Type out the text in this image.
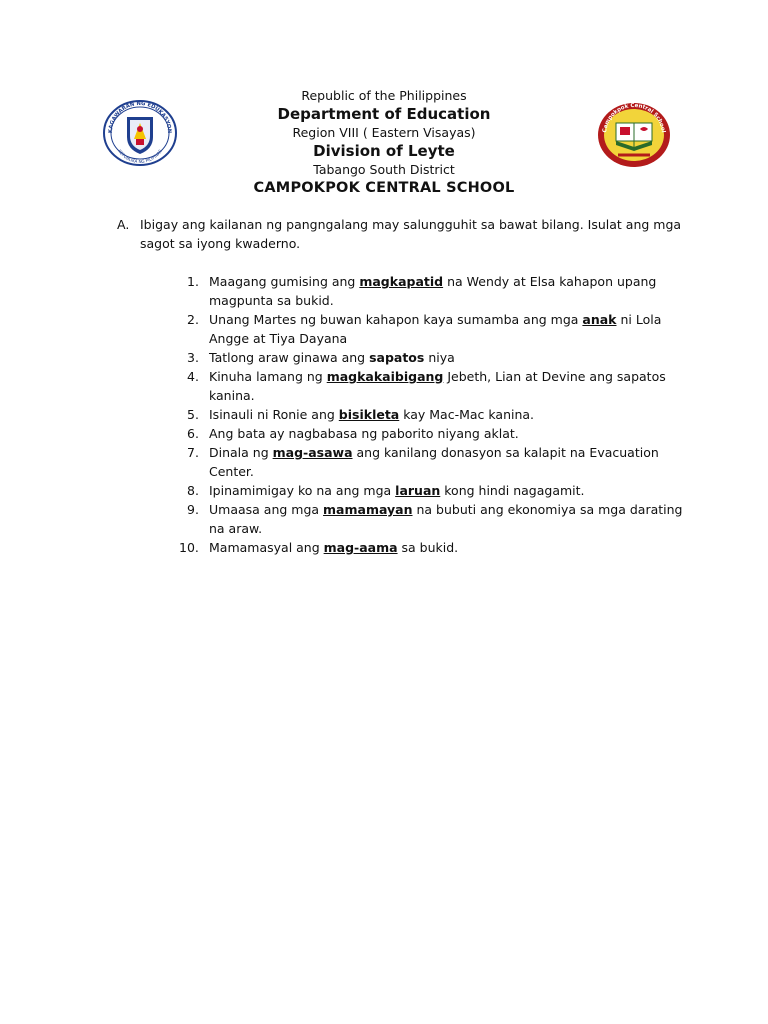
KAGAWARAN NG EDUKASYON
REPUBLIKA NG PILIPINAS
Campokpok Central School
Republic of the Philippines
Department of Education
Region VIII ( Eastern Visayas)
Division of Leyte
Tabango South District
CAMPOKPOK CENTRAL SCHOOL
A. Ibigay ang kailanan ng pangngalang may salungguhit sa bawat bilang. Isulat ang mga sagot sa iyong kwaderno.
1. Maagang gumising ang magkapatid na Wendy at Elsa kahapon upang magpunta sa bukid.
2. Unang Martes ng buwan kahapon kaya sumamba ang mga anak ni Lola Angge at Tiya Dayana
3. Tatlong araw ginawa ang sapatos niya
4. Kinuha lamang ng magkakaibigang Jebeth, Lian at Devine ang sapatos kanina.
5. Isinauli ni Ronie ang bisikleta kay Mac-Mac kanina.
6. Ang bata ay nagbabasa ng paborito niyang aklat.
7. Dinala ng mag-asawa ang kanilang donasyon sa kalapit na Evacuation Center.
8. Ipinamimigay ko na ang mga laruan kong hindi nagagamit.
9. Umaasa ang mga mamamayan na bubuti ang ekonomiya sa mga darating na araw.
10. Mamamasyal ang mag-aama sa bukid.
